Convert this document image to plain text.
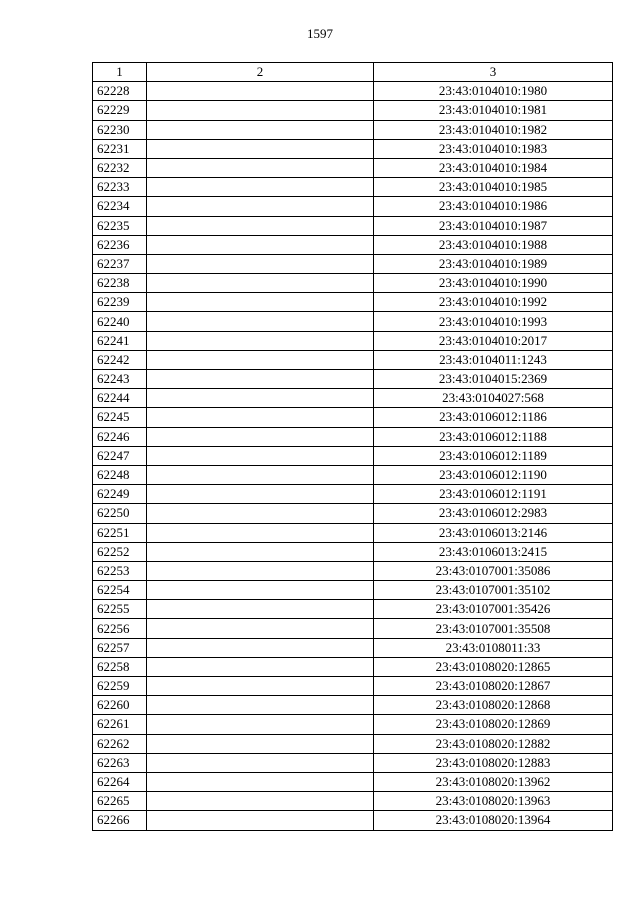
1597
1	2	3
62228		23:43:0104010:1980
62229		23:43:0104010:1981
62230		23:43:0104010:1982
62231		23:43:0104010:1983
62232		23:43:0104010:1984
62233		23:43:0104010:1985
62234		23:43:0104010:1986
62235		23:43:0104010:1987
62236		23:43:0104010:1988
62237		23:43:0104010:1989
62238		23:43:0104010:1990
62239		23:43:0104010:1992
62240		23:43:0104010:1993
62241		23:43:0104010:2017
62242		23:43:0104011:1243
62243		23:43:0104015:2369
62244		23:43:0104027:568
62245		23:43:0106012:1186
62246		23:43:0106012:1188
62247		23:43:0106012:1189
62248		23:43:0106012:1190
62249		23:43:0106012:1191
62250		23:43:0106012:2983
62251		23:43:0106013:2146
62252		23:43:0106013:2415
62253		23:43:0107001:35086
62254		23:43:0107001:35102
62255		23:43:0107001:35426
62256		23:43:0107001:35508
62257		23:43:0108011:33
62258		23:43:0108020:12865
62259		23:43:0108020:12867
62260		23:43:0108020:12868
62261		23:43:0108020:12869
62262		23:43:0108020:12882
62263		23:43:0108020:12883
62264		23:43:0108020:13962
62265		23:43:0108020:13963
62266		23:43:0108020:13964
